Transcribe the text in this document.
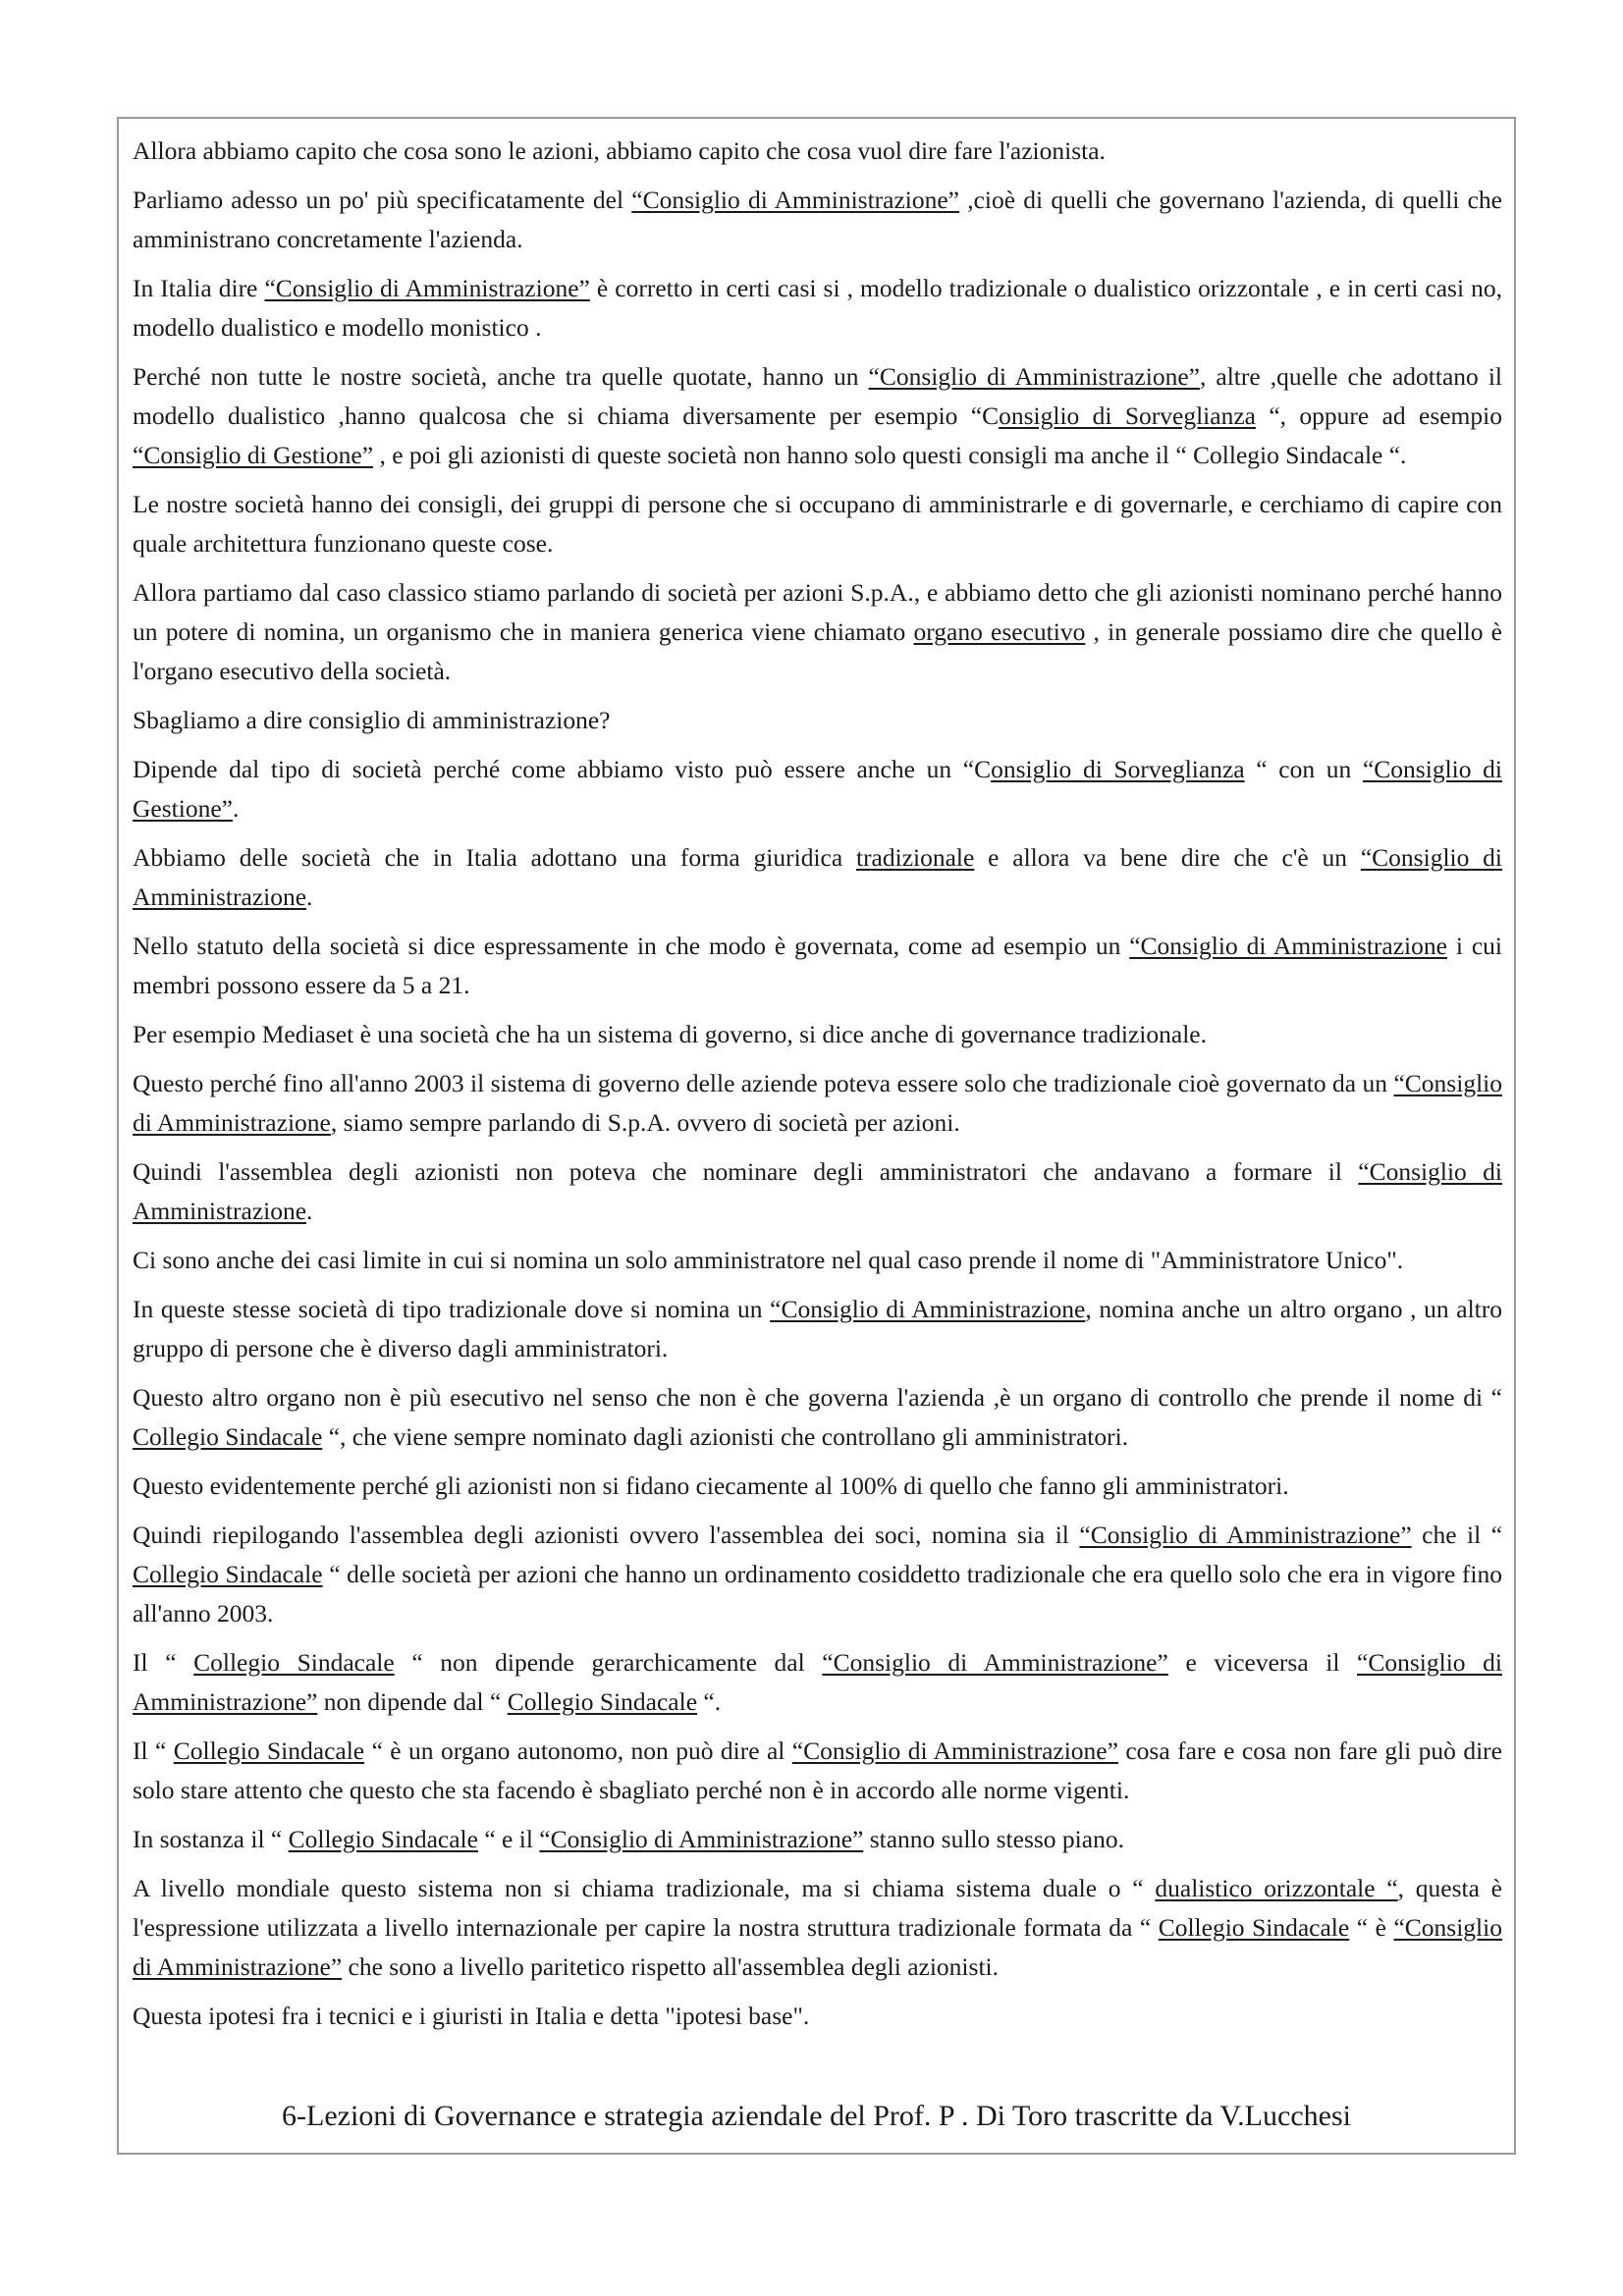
Allora abbiamo capito che cosa sono le azioni, abbiamo capito che cosa vuol dire fare l'azionista.

Parliamo adesso un po' più specificatamente del “Consiglio di Amministrazione” ,cioè di quelli che governano l'azienda, di quelli che amministrano concretamente l'azienda.

In Italia dire “Consiglio di Amministrazione” è corretto in certi casi si , modello tradizionale o dualistico orizzontale , e in certi casi no, modello dualistico e modello monistico .

Perché non tutte le nostre società, anche tra quelle quotate, hanno un “Consiglio di Amministrazione”, altre ,quelle che adottano il modello dualistico ,hanno qualcosa che si chiama diversamente per esempio “Consiglio di Sorveglianza “, oppure ad esempio “Consiglio di Gestione” , e poi gli azionisti di queste società non hanno solo questi consigli ma anche il “ Collegio Sindacale “.

Le nostre società hanno dei consigli, dei gruppi di persone che si occupano di amministrarle e di governarle, e cerchiamo di capire con quale architettura funzionano queste cose.

Allora partiamo dal caso classico stiamo parlando di società per azioni S.p.A., e abbiamo detto che gli azionisti nominano perché hanno un potere di nomina, un organismo che in maniera generica viene chiamato organo esecutivo , in generale possiamo dire che quello è l'organo esecutivo della società.

Sbagliamo a dire consiglio di amministrazione?

Dipende dal tipo di società perché come abbiamo visto può essere anche un “Consiglio di Sorveglianza “ con un “Consiglio di Gestione”.

Abbiamo delle società che in Italia adottano una forma giuridica tradizionale e allora va bene dire che c'è un “Consiglio di Amministrazione.

Nello statuto della società si dice espressamente in che modo è governata, come ad esempio un “Consiglio di Amministrazione i cui membri possono essere da 5 a 21.

Per esempio Mediaset è una società che ha un sistema di governo, si dice anche di governance tradizionale.

Questo perché fino all'anno 2003 il sistema di governo delle aziende poteva essere solo che tradizionale cioè governato da un “Consiglio di Amministrazione, siamo sempre parlando di S.p.A. ovvero di società per azioni.

Quindi l'assemblea degli azionisti non poteva che nominare degli amministratori che andavano a formare il “Consiglio di Amministrazione.

Ci sono anche dei casi limite in cui si nomina un solo amministratore nel qual caso prende il nome di "Amministratore Unico".

In queste stesse società di tipo tradizionale dove si nomina un “Consiglio di Amministrazione, nomina anche un altro organo , un altro gruppo di persone che è diverso dagli amministratori.

Questo altro organo non è più esecutivo nel senso che non è che governa l'azienda ,è un organo di controllo che prende il nome di “ Collegio Sindacale “, che viene sempre nominato dagli azionisti che controllano gli amministratori.

Questo evidentemente perché gli azionisti non si fidano ciecamente al 100% di quello che fanno gli amministratori.

Quindi riepilogando l'assemblea degli azionisti ovvero l'assemblea dei soci, nomina sia il “Consiglio di Amministrazione” che il “ Collegio Sindacale “ delle società per azioni che hanno un ordinamento cosiddetto tradizionale che era quello solo che era in vigore fino all'anno 2003.

Il “ Collegio Sindacale “ non dipende gerarchicamente dal “Consiglio di Amministrazione” e viceversa il “Consiglio di Amministrazione” non dipende dal “ Collegio Sindacale “.

Il “ Collegio Sindacale “ è un organo autonomo, non può dire al “Consiglio di Amministrazione” cosa fare e cosa non fare gli può dire solo stare attento che questo che sta facendo è sbagliato perché non è in accordo alle norme vigenti.

In sostanza il “ Collegio Sindacale “ e il “Consiglio di Amministrazione” stanno sullo stesso piano.

A livello mondiale questo sistema non si chiama tradizionale, ma si chiama sistema duale o “ dualistico orizzontale “, questa è l'espressione utilizzata a livello internazionale per capire la nostra struttura tradizionale formata da “ Collegio Sindacale “ è “Consiglio di Amministrazione” che sono a livello paritetico rispetto all'assemblea degli azionisti.

Questa ipotesi fra i tecnici e i giuristi in Italia e detta "ipotesi base".

6-Lezioni di Governance e strategia aziendale del Prof. P . Di Toro trascritte da V.Lucchesi
